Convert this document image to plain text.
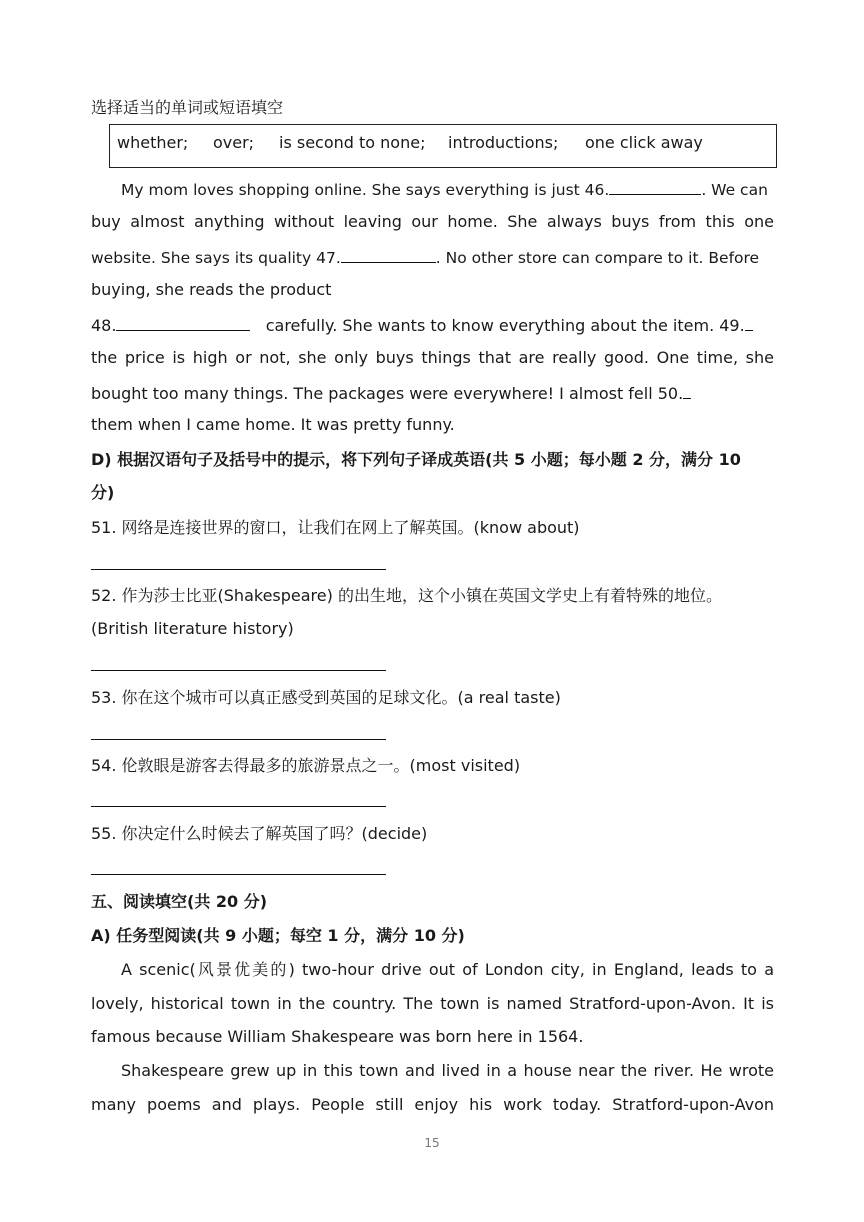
选择适当的单词或短语填空
whether; over; is second to none; introductions; one click away
My mom loves shopping online. She says everything is just 46.	. We can
buy almost anything without leaving our home. She always buys from this one
website. She says its quality 47.	. No other store can compare to it. Before
buying, she reads the product
48.	carefully. She wants to know everything about the item. 49.
the price is high or not, she only buys things that are really good. One time, she
bought too many things. The packages were everywhere! I almost fell 50.
them when I came home. It was pretty funny.
D) 根据汉语句子及括号中的提示，将下列句子译成英语(共 5 小题；每小题 2 分，满分 10
分)
51. 网络是连接世界的窗口，让我们在网上了解英国。(know about)
52. 作为莎士比亚(Shakespeare) 的出生地，这个小镇在英国文学史上有着特殊的地位。
(British literature history)
53. 你在这个城市可以真正感受到英国的足球文化。(a real taste)
54. 伦敦眼是游客去得最多的旅游景点之一。(most visited)
55. 你决定什么时候去了解英国了吗？(decide)
五、阅读填空(共 20 分)
A) 任务型阅读(共 9 小题；每空 1 分，满分 10 分)
A scenic(风景优美的) two-hour drive out of London city, in England, leads to a
lovely, historical town in the country. The town is named Stratford-upon-Avon. It is
famous because William Shakespeare was born here in 1564.
Shakespeare grew up in this town and lived in a house near the river. He wrote
many poems and plays. People still enjoy his work today. Stratford-upon-Avon
15
